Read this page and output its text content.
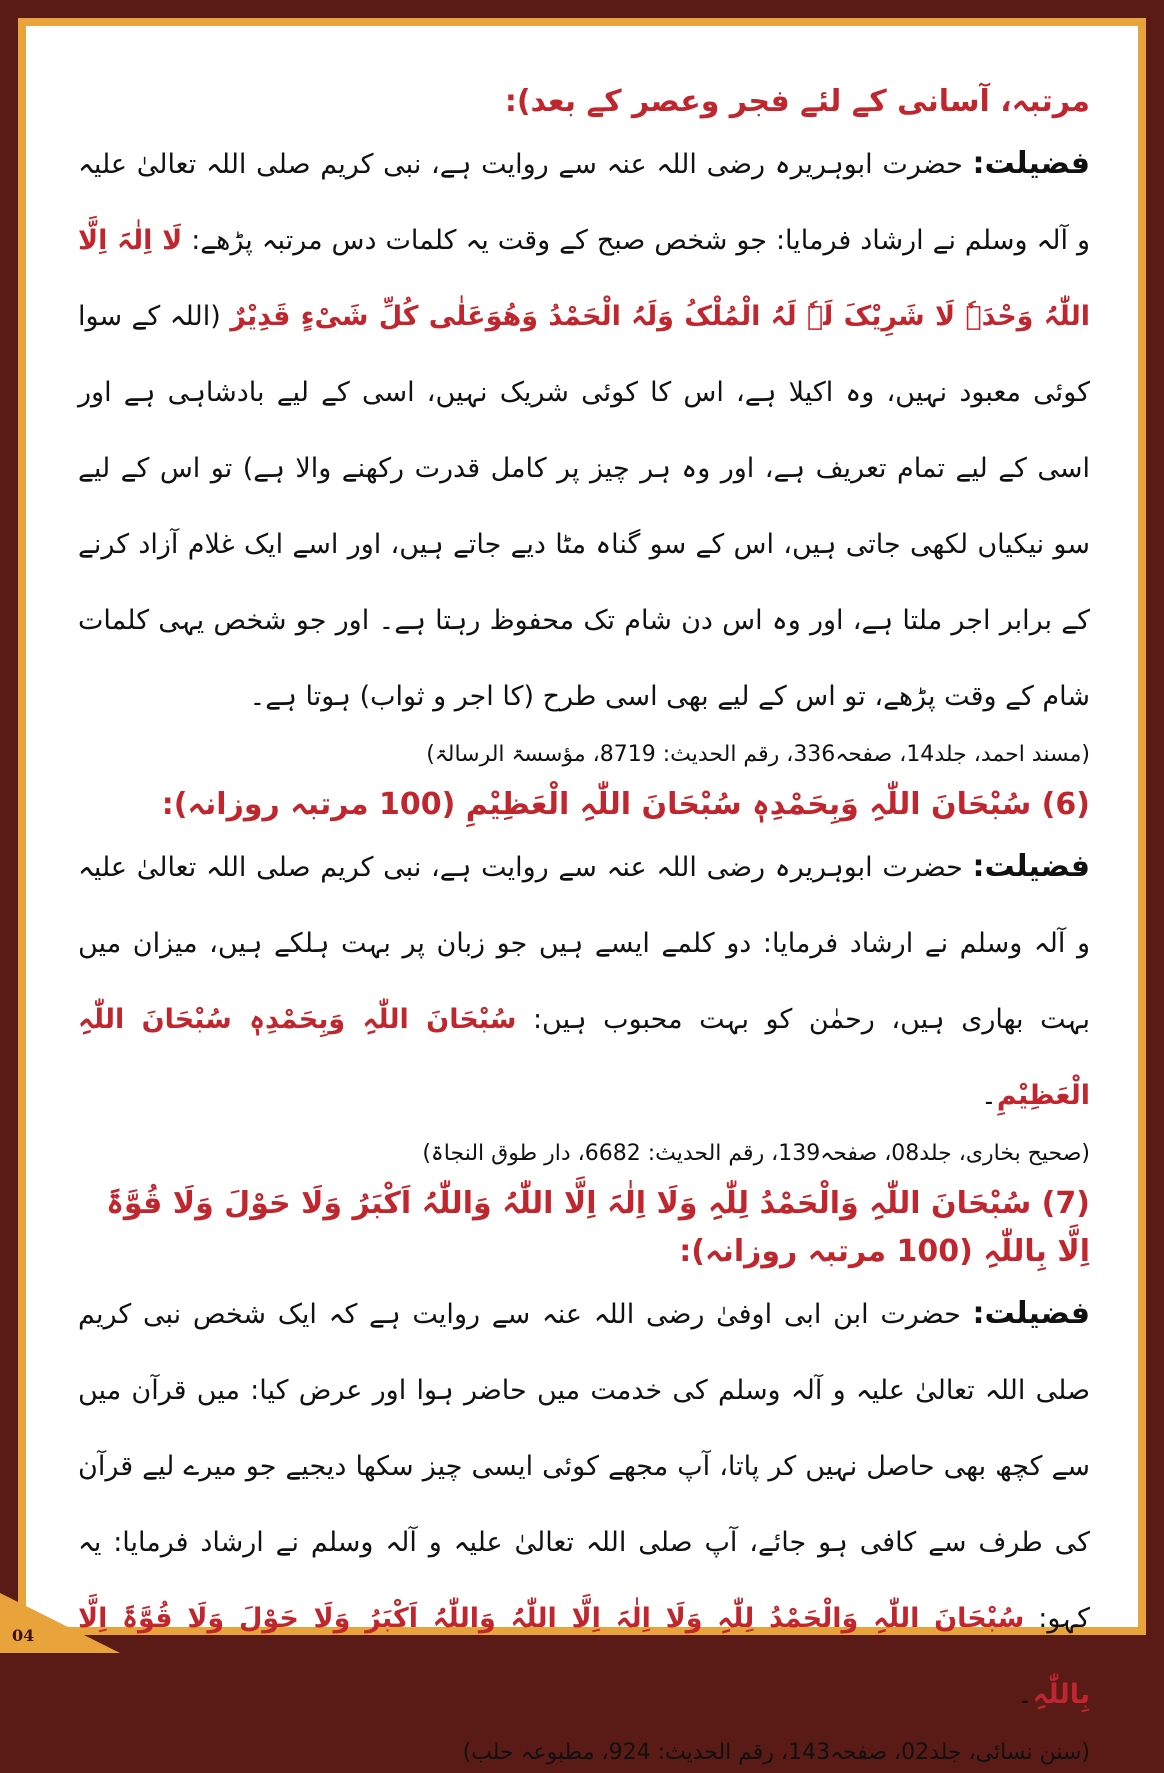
مرتبہ، آسانی کے لئے فجر وعصر کے بعد):

فضیلت: حضرت ابوہریرہ رضی اللہ عنہ سے روایت ہے، نبی کریم صلی اللہ تعالیٰ علیہ و آلہ وسلم نے ارشاد فرمایا: جو شخص صبح کے وقت یہ کلمات دس مرتبہ پڑھے: لَا اِلٰہَ اِلَّا اللّٰہُ وَحْدَہٗ لَا شَرِیْکَ لَہٗ لَہُ الْمُلْکُ وَلَہُ الْحَمْدُ وَھُوَعَلٰی کُلِّ شَیْءٍ قَدِیْرٌ (اللہ کے سوا کوئی معبود نہیں، وہ اکیلا ہے، اس کا کوئی شریک نہیں، اسی کے لیے بادشاہی ہے اور اسی کے لیے تمام تعریف ہے، اور وہ ہر چیز پر کامل قدرت رکھنے والا ہے) تو اس کے لیے سو نیکیاں لکھی جاتی ہیں، اس کے سو گناہ مٹا دیے جاتے ہیں، اور اسے ایک غلام آزاد کرنے کے برابر اجر ملتا ہے، اور وہ اس دن شام تک محفوظ رہتا ہے۔ اور جو شخص یہی کلمات شام کے وقت پڑھے، تو اس کے لیے بھی اسی طرح (کا اجر و ثواب) ہوتا ہے۔

(مسند احمد، جلد14، صفحہ336، رقم الحدیث: 8719، مؤسسۃ الرسالۃ)

(6) سُبْحَانَ اللّٰہِ وَبِحَمْدِہٖ سُبْحَانَ اللّٰہِ الْعَظِیْمِ (100 مرتبہ روزانہ):

فضیلت: حضرت ابوہریرہ رضی اللہ عنہ سے روایت ہے، نبی کریم صلی اللہ تعالیٰ علیہ و آلہ وسلم نے ارشاد فرمایا: دو کلمے ایسے ہیں جو زبان پر بہت ہلکے ہیں، میزان میں بہت بھاری ہیں، رحمٰن کو بہت محبوب ہیں: سُبْحَانَ اللّٰہِ وَبِحَمْدِہٖ سُبْحَانَ اللّٰہِ الْعَظِیْمِ۔

(صحیح بخاری، جلد08، صفحہ139، رقم الحدیث: 6682، دار طوق النجاۃ)

(7) سُبْحَانَ اللّٰہِ وَالْحَمْدُ لِلّٰہِ وَلَا اِلٰہَ اِلَّا اللّٰہُ وَاللّٰہُ اَکْبَرُ وَلَا حَوْلَ وَلَا قُوَّۃَ اِلَّا بِاللّٰہِ (100 مرتبہ روزانہ):

فضیلت: حضرت ابن ابی اوفیٰ رضی اللہ عنہ سے روایت ہے کہ ایک شخص نبی کریم صلی اللہ تعالیٰ علیہ و آلہ وسلم کی خدمت میں حاضر ہوا اور عرض کیا: میں قرآن میں سے کچھ بھی حاصل نہیں کر پاتا، آپ مجھے کوئی ایسی چیز سکھا دیجیے جو میرے لیے قرآن کی طرف سے کافی ہو جائے، آپ صلی اللہ تعالیٰ علیہ و آلہ وسلم نے ارشاد فرمایا: یہ کہو: سُبْحَانَ اللّٰہِ وَالْحَمْدُ لِلّٰہِ وَلَا اِلٰہَ اِلَّا اللّٰہُ وَاللّٰہُ اَکْبَرُ وَلَا حَوْلَ وَلَا قُوَّۃَ اِلَّا بِاللّٰہِ۔

(سنن نسائی، جلد02، صفحہ143، رقم الحدیث: 924، مطبوعہ حلب)

04
